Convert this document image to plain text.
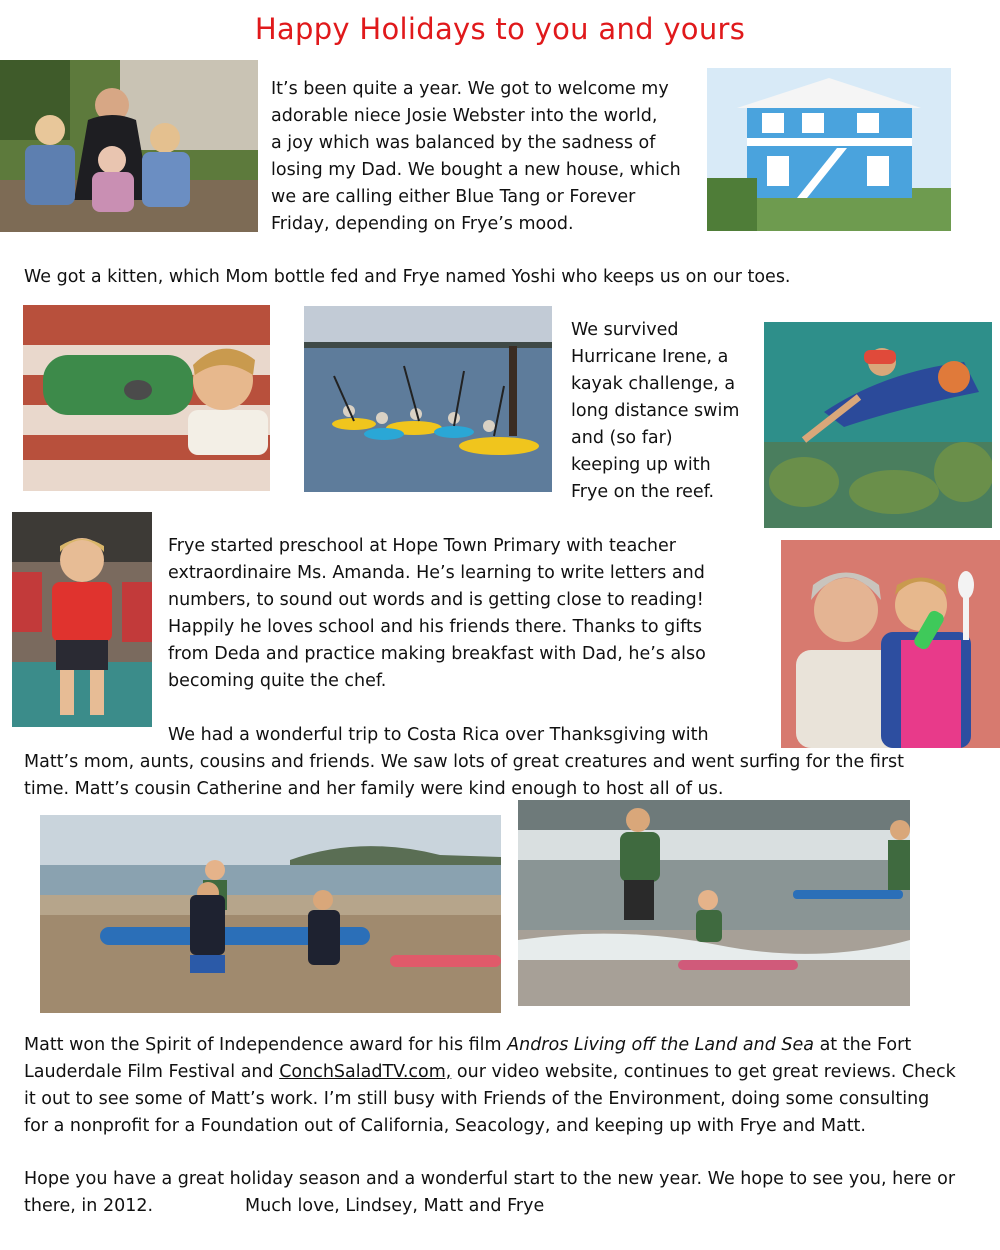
Happy Holidays to you and yours

It’s been quite a year. We got to welcome my
adorable niece Josie Webster into the world,
a joy which was balanced by the sadness of
losing my Dad. We bought a new house, which
we are calling either Blue Tang or Forever
Friday, depending on Frye’s mood.

We got a kitten, which Mom bottle fed and Frye named Yoshi who keeps us on our toes.

We survived
Hurricane Irene, a
kayak challenge, a
long distance swim
and (so far)
keeping up with
Frye on the reef.

Frye started preschool at Hope Town Primary with teacher
extraordinaire Ms. Amanda. He’s learning to write letters and
numbers, to sound out words and is getting close to reading!
Happily he loves school and his friends there. Thanks to gifts
from Deda and practice making breakfast with Dad, he’s also
becoming quite the chef.

We had a wonderful trip to Costa Rica over Thanksgiving with
Matt’s mom, aunts, cousins and friends. We saw lots of great creatures and went surfing for the first
time. Matt’s cousin Catherine and her family were kind enough to host all of us.

Matt won the Spirit of Independence award for his film Andros Living off the Land and Sea at the Fort
Lauderdale Film Festival and ConchSaladTV.com, our video website, continues to get great reviews. Check
it out to see some of Matt’s work. I’m still busy with Friends of the Environment, doing some consulting
for a nonprofit for a Foundation out of California, Seacology, and keeping up with Frye and Matt.

Hope you have a great holiday season and a wonderful start to the new year. We hope to see you, here or
there, in 2012.	Much love, Lindsey, Matt and Frye
